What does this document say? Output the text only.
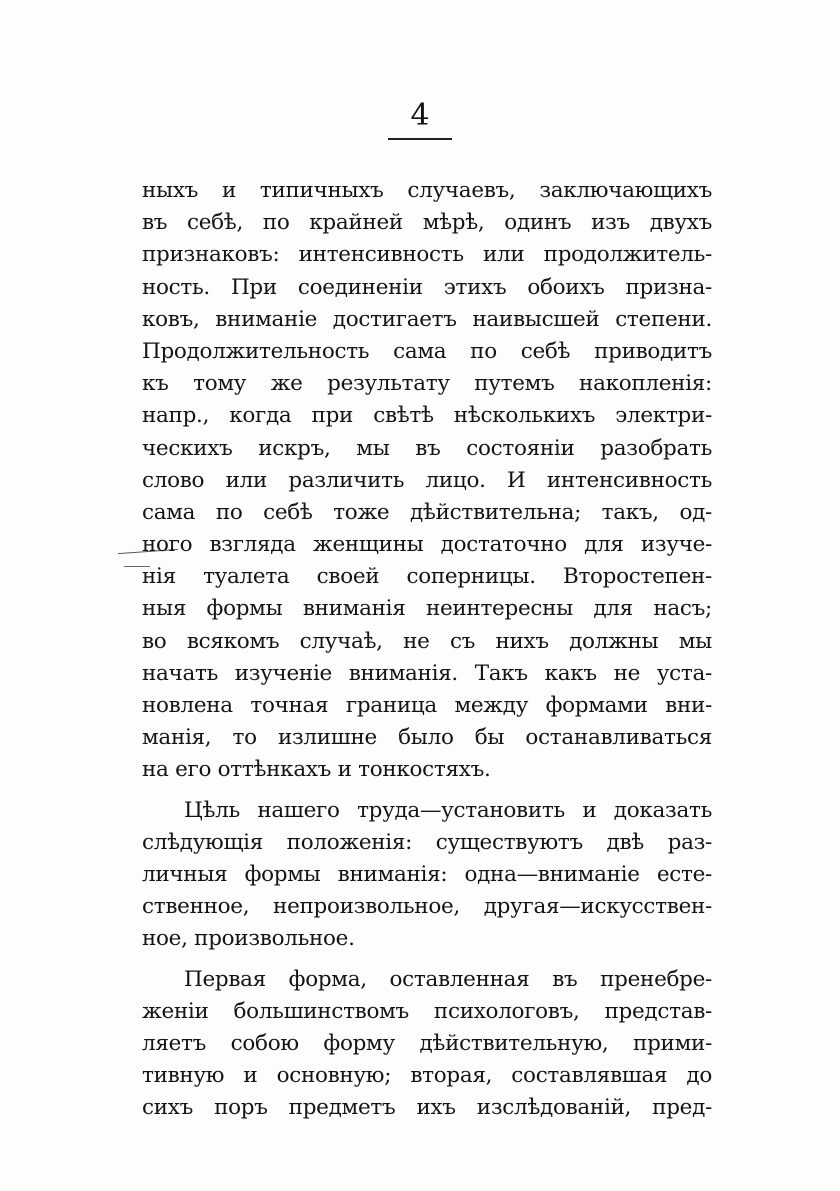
4
ныхъ и типичныхъ случаевъ, заключающихъ
въ себѣ, по крайней мѣрѣ, одинъ изъ двухъ
признаковъ: интенсивность или продолжитель-
ность. При соединенiи этихъ обоихъ призна-
ковъ, вниманiе достигаетъ наивысшей степени.
Продолжительность сама по себѣ приводитъ
къ тому же результату путемъ накопленiя:
напр., когда при свѣтѣ нѣсколькихъ электри-
ческихъ искръ, мы въ состоянiи разобрать
слово или различить лицо. И интенсивность
сама по себѣ тоже дѣйствительна; такъ, од-
ного взгляда женщины достаточно для изуче-
нiя туалета своей соперницы. Второстепен-
ныя формы вниманiя неинтересны для насъ;
во всякомъ случаѣ, не съ нихъ должны мы
начать изученiе вниманiя. Такъ какъ не уста-
новлена точная граница между формами вни-
манiя, то излишне было бы останавливаться
на его оттѣнкахъ и тонкостяхъ.
Цѣль нашего труда—установить и доказать
слѣдующiя положенiя: существуютъ двѣ раз-
личныя формы вниманiя: одна—вниманiе есте-
ственное, непроизвольное, другая—искусствен-
ное, произвольное.
Первая форма, оставленная въ пренебре-
женiи большинствомъ психологовъ, представ-
ляетъ собою форму дѣйствительную, прими-
тивную и основную; вторая, составлявшая до
сихъ поръ предметъ ихъ изслѣдованiй, пред-
